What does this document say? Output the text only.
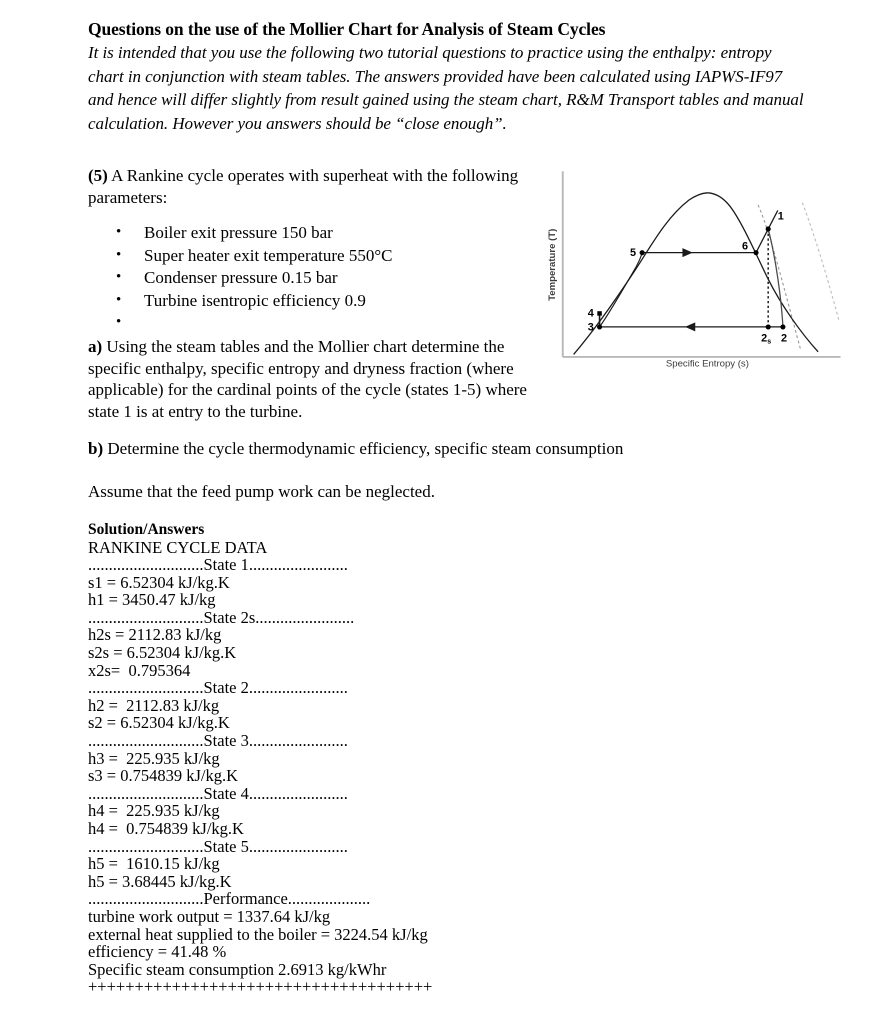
Questions on the use of the Mollier Chart for Analysis of Steam Cycles
It is intended that you use the following two tutorial questions to practice using the enthalpy: entropy chart in conjunction with steam tables. The answers provided have been calculated using IAPWS-IF97 and hence will differ slightly from result gained using the steam chart, R&M Transport tables and manual calculation. However you answers should be “close enough”.

(5) A Rankine cycle operates with superheat with the following parameters:

• Boiler exit pressure 150 bar
• Super heater exit temperature 550°C
• Condenser pressure 0.15 bar
• Turbine isentropic efficiency 0.9
•

a) Using the steam tables and the Mollier chart determine the specific enthalpy, specific entropy and dryness fraction (where applicable) for the cardinal points of the cycle (states 1-5) where state 1 is at entry to the turbine.

b) Determine the cycle thermodynamic efficiency, specific steam consumption

Assume that the feed pump work can be neglected.

1
2
2s
3
4
5
6
Temperature (T)
Specific Entropy (s)
Solution/Answers
RANKINE CYCLE DATA
............................State 1........................
s1 = 6.52304 kJ/kg.K
h1 = 3450.47 kJ/kg
............................State 2s........................
h2s = 2112.83 kJ/kg
s2s = 6.52304 kJ/kg.K
x2s=  0.795364
............................State 2........................
h2 =  2112.83 kJ/kg
s2 = 6.52304 kJ/kg.K
............................State 3........................
h3 =  225.935 kJ/kg
s3 = 0.754839 kJ/kg.K
............................State 4........................
h4 =  225.935 kJ/kg
h4 =  0.754839 kJ/kg.K
............................State 5........................
h5 =  1610.15 kJ/kg
h5 = 3.68445 kJ/kg.K
............................Performance....................
turbine work output = 1337.64 kJ/kg
external heat supplied to the boiler = 3224.54 kJ/kg
efficiency = 41.48 %
Specific steam consumption 2.6913 kg/kWhr
+++++++++++++++++++++++++++++++++++++
